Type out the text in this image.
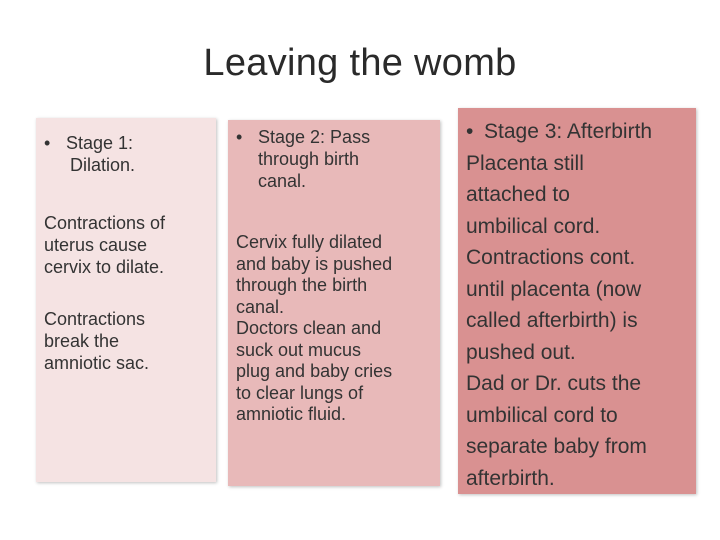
Leaving the womb
• Stage 1:
Dilation.

Contractions of
uterus cause
cervix to dilate.

Contractions
break the
amniotic sac.

• Stage 2: Pass
through birth
canal.

Cervix fully dilated
and baby is pushed
through the birth
canal.
Doctors clean and
suck out mucus
plug and baby cries
to clear lungs of
amniotic fluid.

• Stage 3: Afterbirth

Placenta still
attached to
umbilical cord.
Contractions cont.
until placenta (now
called afterbirth) is
pushed out.
Dad or Dr. cuts the
umbilical cord to
separate baby from
afterbirth.
